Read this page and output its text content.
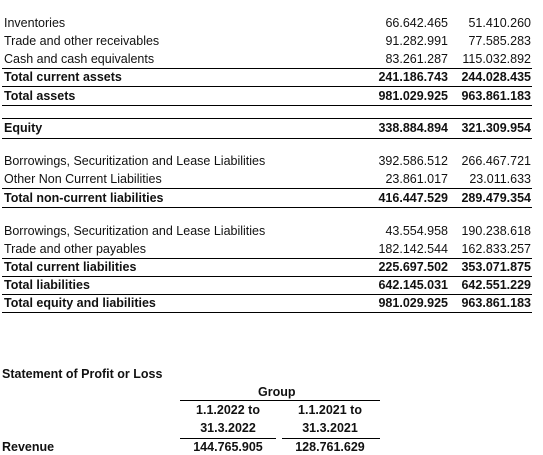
Inventories	66.642.465 51.410.260
Trade and other receivables	91.282.991 77.585.283
Cash and cash equivalents	83.261.287 115.032.892
Total current assets	241.186.743 244.028.435
Total assets	981.029.925 963.861.183
Equity	338.884.894 321.309.954
Borrowings, Securitization and Lease Liabilities	392.586.512 266.467.721
Other Non Current Liabilities	23.861.017 23.011.633
Total non-current liabilities	416.447.529 289.479.354
Borrowings, Securitization and Lease Liabilities	43.554.958 190.238.618
Trade and other payables	182.142.544 162.833.257
Total current liabilities	225.697.502 353.071.875
Total liabilities	642.145.031 642.551.229
Total equity and liabilities	981.029.925 963.861.183
Statement of Profit or Loss
Group
1.1.2022 to	1.1.2021 to
31.3.2022	31.3.2021
Revenue	144.765.905	128.761.629
